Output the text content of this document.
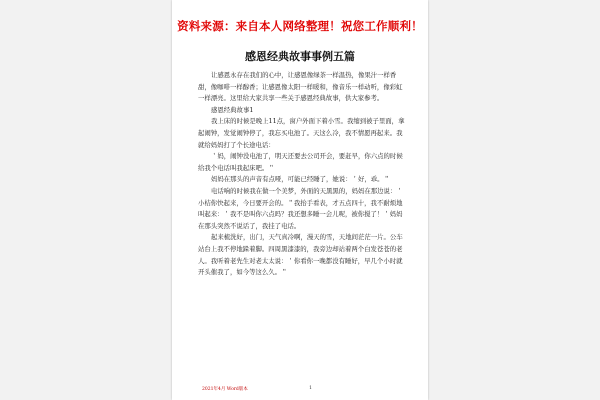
资料来源：来自本人网络整理！祝您工作顺利！
感恩经典故事事例五篇

让感恩永存在我们的心中，让感恩像绿茶一样温热，像果汁一样香甜，像咖啡一样醇香；让感恩像太阳一样暖和，像音乐一样动听，像彩虹一样漂亮。这里给大家共享一些关于感恩经典故事，供大家参考。

感恩经典故事1

我上床的时候是晚上11点，窗户外面下着小雪。我缩到被子里面，拿起闹钟，发觉闹钟停了，我忘买电池了。天这么冷，我不情愿再起来。我就给妈妈打了个长途电话：

＇妈，闹钟没电池了，明天还要去公司开会，要赶早，你六点的时候给我个电话叫我起床吧。＂

妈妈在那头的声音有点哑，可能已经睡了，她说：＇好，乖。＂

电话响的时候我在做一个美梦，外面的天黑黑的，妈妈在那边说：＇小桔你快起来，今日要开会的。＂我抬手看表，才五点四十，我不耐烦地叫起来：＇我不是叫你六点吗？我还想多睡一会儿呢，被你搅了！＇妈妈在那头突然不说话了，我挂了电话。

起来梳洗好，出门，天气真冷啊，漫天的雪，天地间茫茫一片。公车站台上我不停地跺着脚。四周黑漆漆的，我旁边却站着两个白发苍苍的老人。我听着老先生对老太太说：＇你看你一晚都没有睡好，早几个小时就开头催我了，如今等这么久。＂

2021年4月 Word版本	1
